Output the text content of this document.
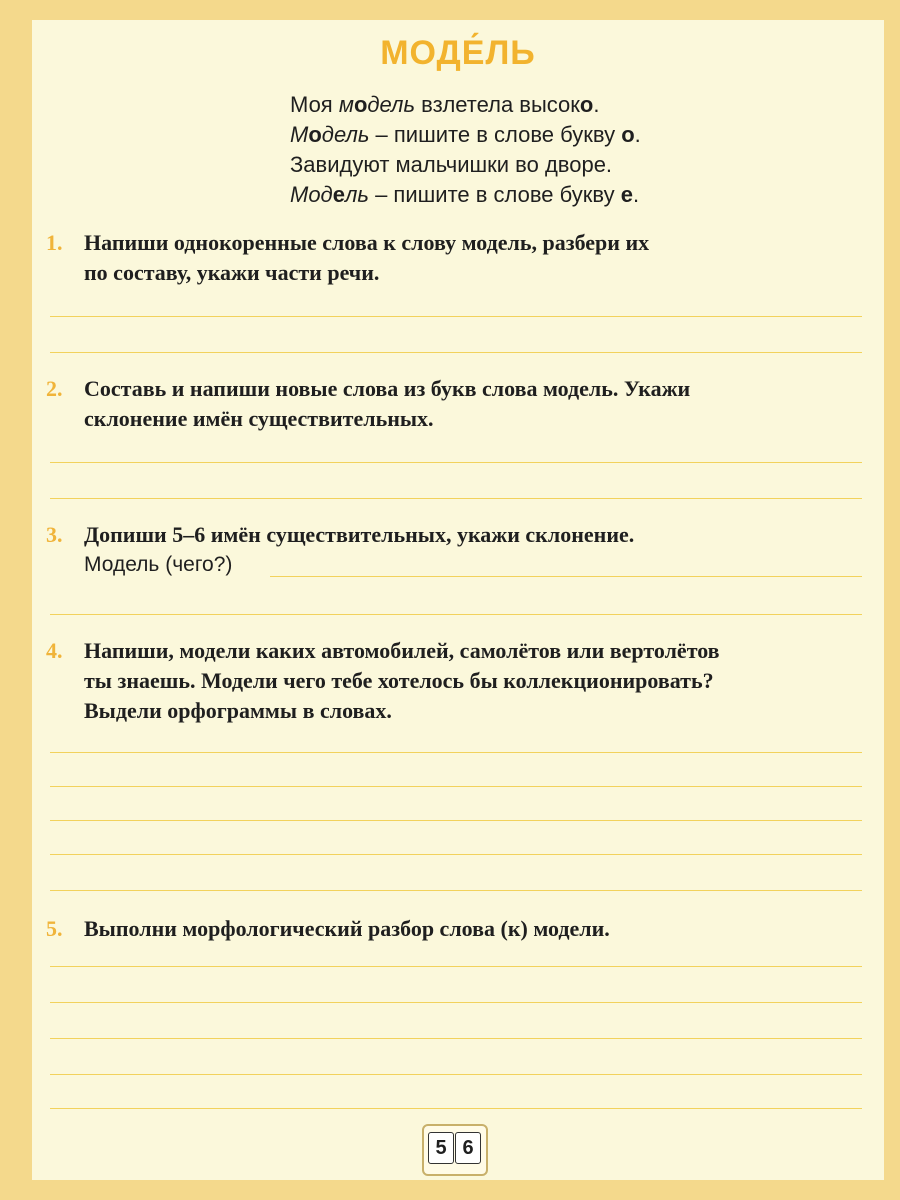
МОДЕ́ЛЬ
Моя модель взлетела высоко.
Модель – пишите в слове букву о.
Завидуют мальчишки во дворе.
Модель – пишите в слове букву е.
1. Напиши однокоренные слова к слову модель, разбери их
по составу, укажи части речи.
2. Составь и напиши новые слова из букв слова модель. Укажи
склонение имён существительных.
3. Допиши 5–6 имён существительных, укажи склонение.
Модель (чего?)
4. Напиши, модели каких автомобилей, самолётов или вертолётов
ты знаешь. Модели чего тебе хотелось бы коллекционировать?
Выдели орфограммы в словах.
5. Выполни морфологический разбор слова (к) модели.
5 6
